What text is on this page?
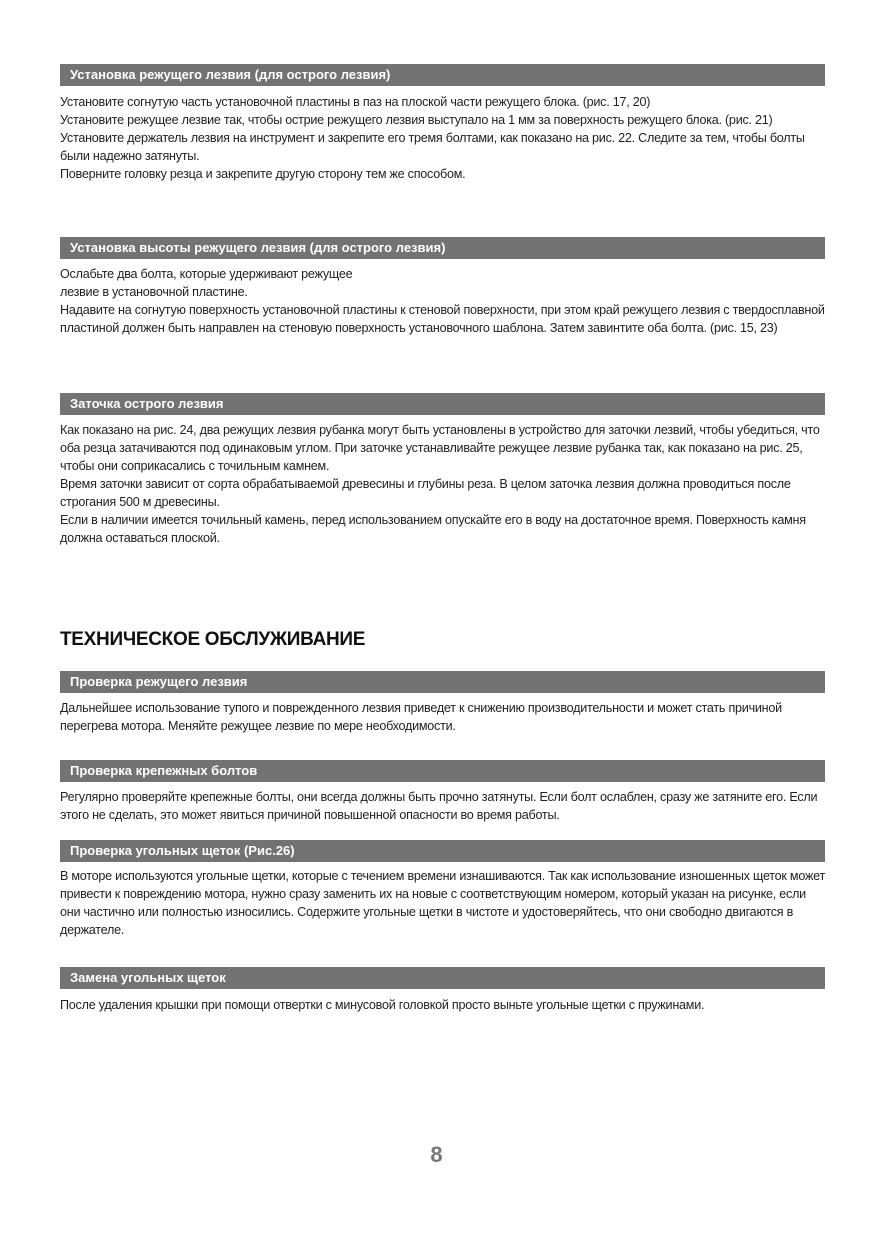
Установка режущего лезвия (для острого лезвия)

Установите согнутую часть установочной пластины в паз на плоской части режущего блока. (рис. 17, 20)

Установите режущее лезвие так, чтобы острие режущего лезвия выступало на 1 мм за поверхность режущего блока. (рис. 21)

Установите держатель лезвия на инструмент и закрепите его тремя болтами, как показано на рис. 22. Следите за тем, чтобы болты были надежно затянуты.

Поверните головку резца и закрепите другую сторону тем же способом.

Установка высоты режущего лезвия (для острого лезвия)

Ослабьте два болта, которые удерживают режущее

лезвие в установочной пластине.

Надавите на согнутую поверхность установочной пластины к стеновой поверхности, при этом край режущего лезвия с твердосплавной пластиной должен быть направлен на стеновую поверхность установочного шаблона. Затем завинтите оба болта. (рис. 15, 23)

Заточка острого лезвия

Как показано на рис. 24, два режущих лезвия рубанка могут быть установлены в устройство для заточки лезвий, чтобы убедиться, что оба резца затачиваются под одинаковым углом. При заточке устанавливайте режущее лезвие рубанка так, как показано на рис. 25, чтобы они соприкасались с точильным камнем.

Время заточки зависит от сорта обрабатываемой древесины и глубины реза. В целом заточка лезвия должна проводиться после строгания 500 м древесины.

Если в наличии имеется точильный камень, перед использованием опускайте его в воду на достаточное время. Поверхность камня должна оставаться плоской.

ТЕХНИЧЕСКОЕ ОБСЛУЖИВАНИЕ
Проверка режущего лезвия

Дальнейшее использование тупого и поврежденного лезвия приведет к снижению производительности и может стать причиной перегрева мотора. Меняйте режущее лезвие по мере необходимости.

Проверка крепежных болтов

Регулярно проверяйте крепежные болты, они всегда должны быть прочно затянуты. Если болт ослаблен, сразу же затяните его. Если этого не сделать, это может явиться причиной повышенной опасности во время работы.

Проверка угольных щеток (Рис.26)

В моторе используются угольные щетки, которые с течением времени изнашиваются. Так как использование изношенных щеток может привести к повреждению мотора, нужно сразу заменить их на новые с соответствующим номером, который указан на рисунке, если они частично или полностью износились. Содержите угольные щетки в чистоте и удостоверяйтесь, что они свободно двигаются в держателе.

Замена угольных щеток

После удаления крышки при помощи отвертки с минусовой головкой просто выньте угольные щетки с пружинами.

8
